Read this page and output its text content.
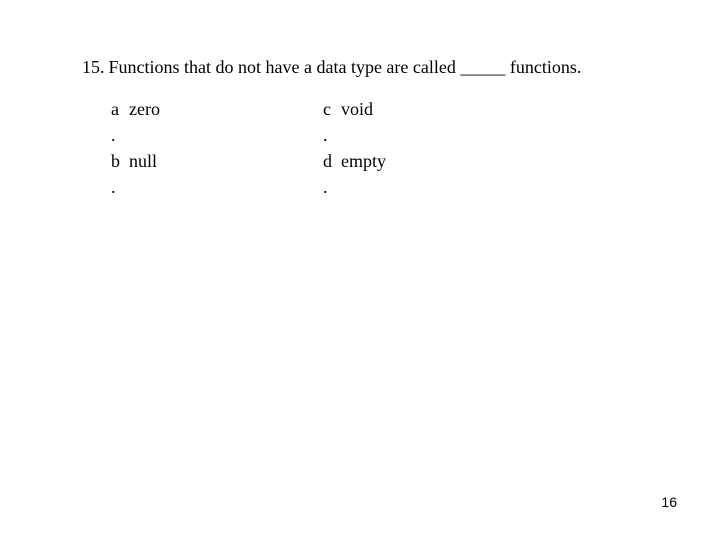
15. Functions that do not have a data type are called _____ functions.
a zero
.
b null
.
c void
.
d empty
.
16
